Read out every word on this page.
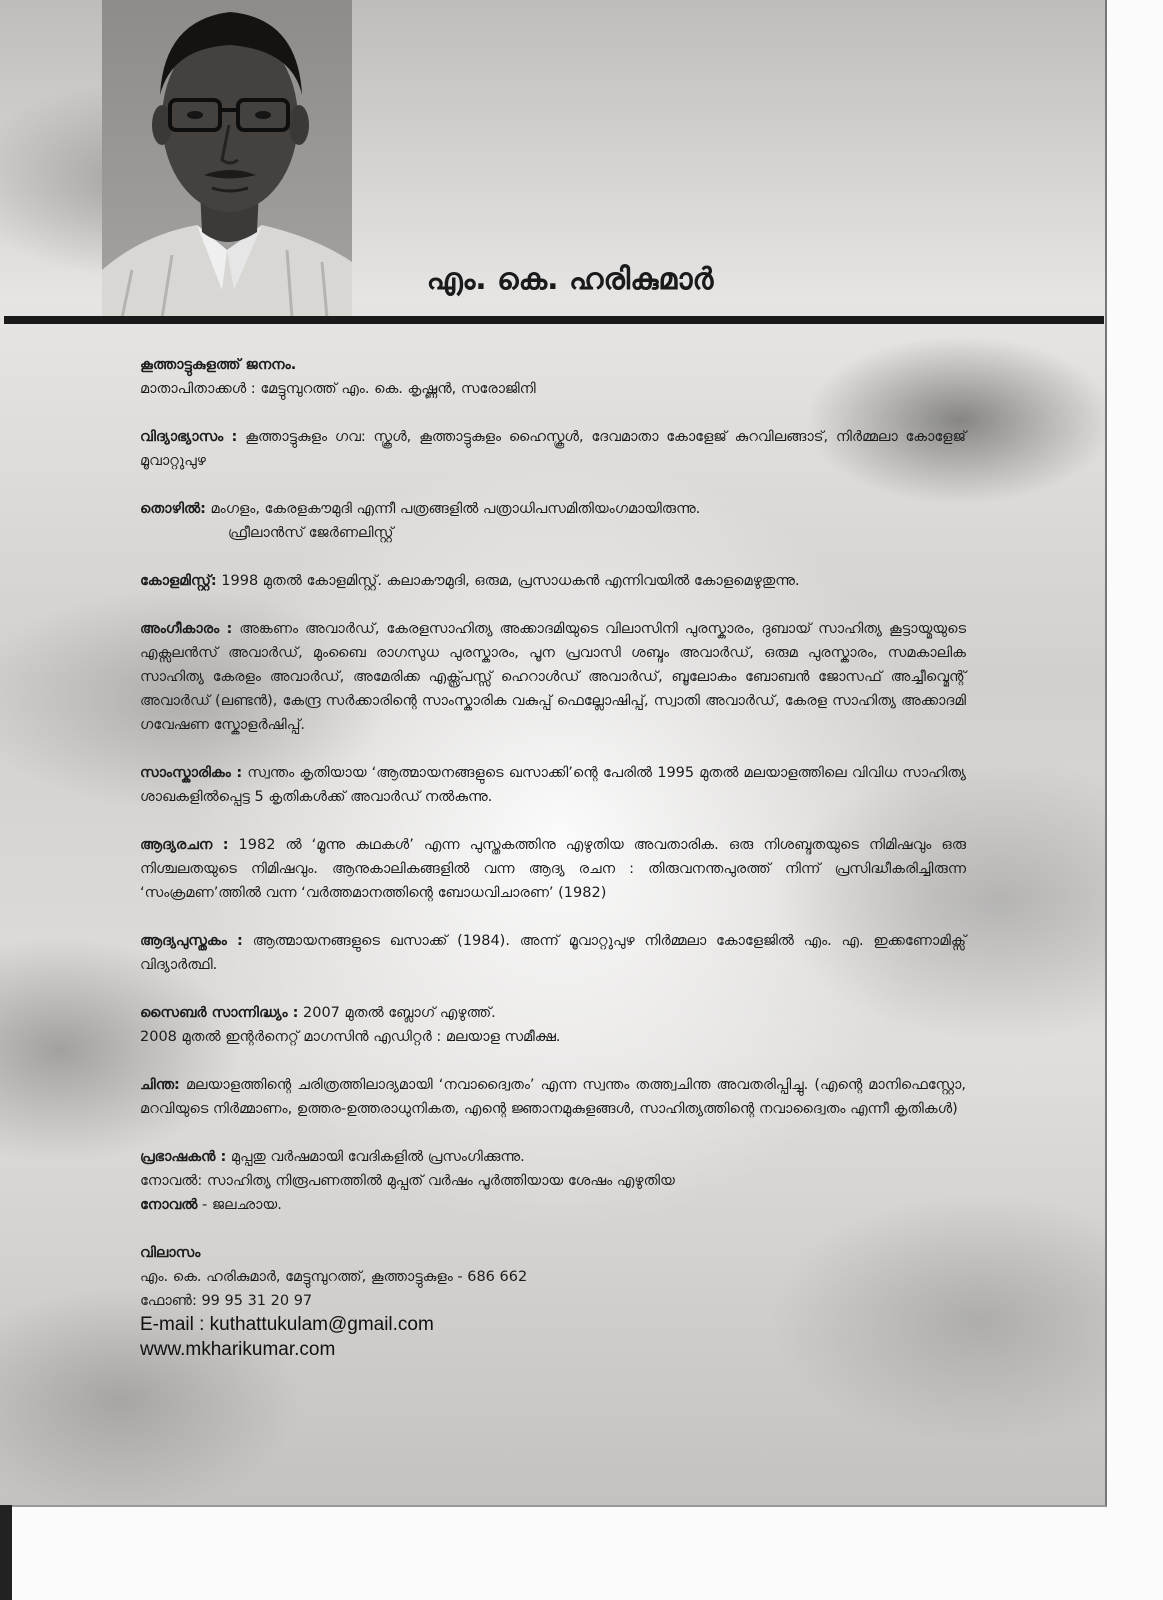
എം. കെ. ഹരികുമാർ

കൂത്താട്ടുകുളത്ത് ജനനം.

മാതാപിതാക്കൾ : മേട്ടുമ്പുറത്ത് എം. കെ. കൃഷ്ണൻ, സരോജിനി

വിദ്യാഭ്യാസം : കൂത്താട്ടുകുളം ഗവ: സ്കൂൾ, കൂത്താട്ടുകുളം ഹൈസ്കൂൾ, ദേവമാതാ കോളേജ് കുറവിലങ്ങാട്, നിർമ്മലാ കോളേജ് മൂവാറ്റുപുഴ

തൊഴിൽ: മംഗളം, കേരളകൗമുദി എന്നീ പത്രങ്ങളിൽ പത്രാധിപസമിതിയംഗമായിരുന്നു.
ഫ്രീലാൻസ് ജേർണലിസ്റ്റ്

കോളമിസ്റ്റ്: 1998 മുതൽ കോളമിസ്റ്റ്. കലാകൗമുദി, ഒരുമ, പ്രസാധകൻ എന്നിവയിൽ കോളമെഴുതുന്നു.

അംഗീകാരം : അങ്കണം അവാർഡ്, കേരളസാഹിത്യ അക്കാദമിയുടെ വിലാസിനി പുരസ്കാരം, ദുബായ് സാഹിത്യ കൂട്ടായ്മയുടെ എക്സലൻസ് അവാർഡ്, മുംബൈ രാഗസുധ പുരസ്കാരം, പൂന പ്രവാസി ശബ്ദം അവാർഡ്, ഒരുമ പുരസ്കാരം, സമകാലിക സാഹിത്യ കേരളം അവാർഡ്, അമേരിക്ക എക്സ്പ്രസ്സ് ഹെറാൾഡ് അവാർഡ്, ബൂലോകം ബോബൻ ജോസഫ് അച്ചീവ്മെന്റ് അവാർഡ് (ലണ്ടൻ), കേന്ദ്ര സർക്കാരിന്റെ സാംസ്കാരിക വകുപ്പ് ഫെല്ലോഷിപ്പ്, സ്വാതി അവാർഡ്, കേരള സാഹിത്യ അക്കാദമി ഗവേഷണ സ്കോളർഷിപ്പ്.

സാംസ്കാരികം : സ്വന്തം കൃതിയായ ‘ആത്മായനങ്ങളുടെ ഖസാക്കി’ന്റെ പേരിൽ 1995 മുതൽ മലയാളത്തിലെ വിവിധ സാഹിത്യ ശാഖകളിൽപ്പെട്ട 5 കൃതികൾക്ക് അവാർഡ് നൽകുന്നു.

ആദ്യരചന : 1982 ൽ ‘മൂന്നു കഥകൾ’ എന്ന പുസ്തകത്തിനു എഴുതിയ അവതാരിക. ഒരു നിശബ്ദതയുടെ നിമിഷവും ഒരു നിശ്ചലതയുടെ നിമിഷവും. ആനുകാലികങ്ങളിൽ വന്ന ആദ്യ രചന : തിരുവനന്തപുരത്ത് നിന്ന് പ്രസിദ്ധീകരിച്ചിരുന്ന ‘സംക്രമണ’ത്തിൽ വന്ന ‘വർത്തമാനത്തിന്റെ ബോധവിചാരണ’ (1982)

ആദ്യപുസ്തകം : ആത്മായനങ്ങളുടെ ഖസാക്ക് (1984). അന്ന് മൂവാറ്റുപുഴ നിർമ്മലാ കോളേജിൽ എം. എ. ഇക്കണോമിക്സ് വിദ്യാർത്ഥി.

സൈബർ സാന്നിദ്ധ്യം : 2007 മുതൽ ബ്ലോഗ് എഴുത്ത്.
2008 മുതൽ ഇന്റർനെറ്റ് മാഗസിൻ എഡിറ്റർ : മലയാള സമീക്ഷ.

ചിന്ത: മലയാളത്തിന്റെ ചരിത്രത്തിലാദ്യമായി ‘നവാദ്വൈതം’ എന്ന സ്വന്തം തത്ത്വചിന്ത അവതരിപ്പിച്ചു. (എന്റെ മാനിഫെസ്റ്റോ, മറവിയുടെ നിർമ്മാണം, ഉത്തര-ഉത്തരാധുനികത, എന്റെ ജ്ഞാനമുകുളങ്ങൾ, സാഹിത്യത്തിന്റെ നവാദ്വൈതം എന്നീ കൃതികൾ)

പ്രഭാഷകൻ : മുപ്പതു വർഷമായി വേദികളിൽ പ്രസംഗിക്കുന്നു.
നോവൽ: സാഹിത്യ നിരൂപണത്തിൽ മുപ്പത് വർഷം പൂർത്തിയായ ശേഷം എഴുതിയ
നോവൽ - ജലഛായ.

വിലാസം
എം. കെ. ഹരികുമാർ, മേട്ടുമ്പുറത്ത്, കൂത്താട്ടുകുളം - 686 662
ഫോൺ: 99 95 31 20 97
E-mail : kuthattukulam@gmail.com
www.mkharikumar.com
